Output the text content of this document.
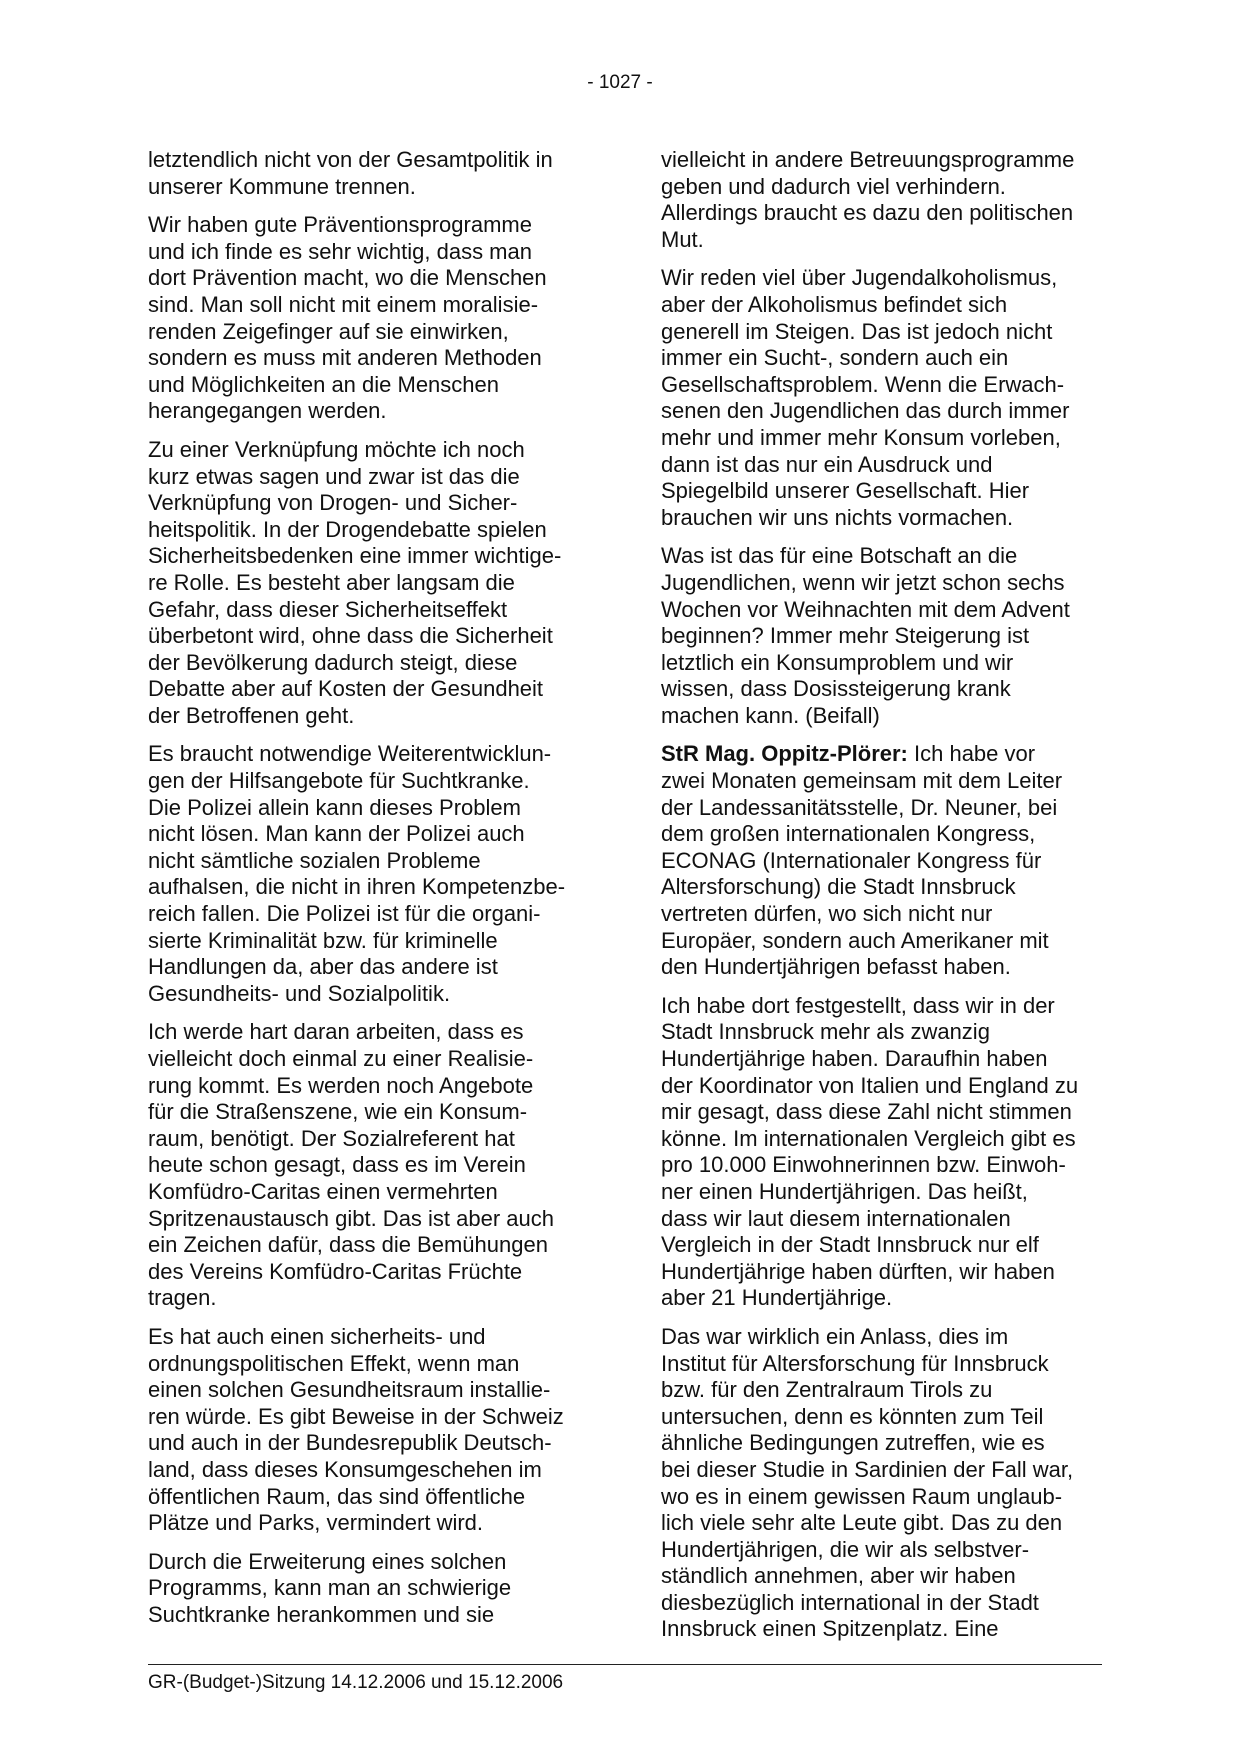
- 1027 -

letztendlich nicht von der Gesamtpolitik in
unserer Kommune trennen.

Wir haben gute Präventionsprogramme
und ich finde es sehr wichtig, dass man
dort Prävention macht, wo die Menschen
sind. Man soll nicht mit einem moralisie-
renden Zeigefinger auf sie einwirken,
sondern es muss mit anderen Methoden
und Möglichkeiten an die Menschen
herangegangen werden.

Zu einer Verknüpfung möchte ich noch
kurz etwas sagen und zwar ist das die
Verknüpfung von Drogen- und Sicher-
heitspolitik. In der Drogendebatte spielen
Sicherheitsbedenken eine immer wichtige-
re Rolle. Es besteht aber langsam die
Gefahr, dass dieser Sicherheitseffekt
überbetont wird, ohne dass die Sicherheit
der Bevölkerung dadurch steigt, diese
Debatte aber auf Kosten der Gesundheit
der Betroffenen geht.

Es braucht notwendige Weiterentwicklun-
gen der Hilfsangebote für Suchtkranke.
Die Polizei allein kann dieses Problem
nicht lösen. Man kann der Polizei auch
nicht sämtliche sozialen Probleme
aufhalsen, die nicht in ihren Kompetenzbe-
reich fallen. Die Polizei ist für die organi-
sierte Kriminalität bzw. für kriminelle
Handlungen da, aber das andere ist
Gesundheits- und Sozialpolitik.

Ich werde hart daran arbeiten, dass es
vielleicht doch einmal zu einer Realisie-
rung kommt. Es werden noch Angebote
für die Straßenszene, wie ein Konsum-
raum, benötigt. Der Sozialreferent hat
heute schon gesagt, dass es im Verein
Komfüdro-Caritas einen vermehrten
Spritzenaustausch gibt. Das ist aber auch
ein Zeichen dafür, dass die Bemühungen
des Vereins Komfüdro-Caritas Früchte
tragen.

Es hat auch einen sicherheits- und
ordnungspolitischen Effekt, wenn man
einen solchen Gesundheitsraum installie-
ren würde. Es gibt Beweise in der Schweiz
und auch in der Bundesrepublik Deutsch-
land, dass dieses Konsumgeschehen im
öffentlichen Raum, das sind öffentliche
Plätze und Parks, vermindert wird.

Durch die Erweiterung eines solchen
Programms, kann man an schwierige
Suchtkranke herankommen und sie

vielleicht in andere Betreuungsprogramme
geben und dadurch viel verhindern.
Allerdings braucht es dazu den politischen
Mut.

Wir reden viel über Jugendalkoholismus,
aber der Alkoholismus befindet sich
generell im Steigen. Das ist jedoch nicht
immer ein Sucht-, sondern auch ein
Gesellschaftsproblem. Wenn die Erwach-
senen den Jugendlichen das durch immer
mehr und immer mehr Konsum vorleben,
dann ist das nur ein Ausdruck und
Spiegelbild unserer Gesellschaft. Hier
brauchen wir uns nichts vormachen.

Was ist das für eine Botschaft an die
Jugendlichen, wenn wir jetzt schon sechs
Wochen vor Weihnachten mit dem Advent
beginnen? Immer mehr Steigerung ist
letztlich ein Konsumproblem und wir
wissen, dass Dosissteigerung krank
machen kann. (Beifall)

StR Mag. Oppitz-Plörer: Ich habe vor
zwei Monaten gemeinsam mit dem Leiter
der Landessanitätsstelle, Dr. Neuner, bei
dem großen internationalen Kongress,
ECONAG (Internationaler Kongress für
Altersforschung) die Stadt Innsbruck
vertreten dürfen, wo sich nicht nur
Europäer, sondern auch Amerikaner mit
den Hundertjährigen befasst haben.

Ich habe dort festgestellt, dass wir in der
Stadt Innsbruck mehr als zwanzig
Hundertjährige haben. Daraufhin haben
der Koordinator von Italien und England zu
mir gesagt, dass diese Zahl nicht stimmen
könne. Im internationalen Vergleich gibt es
pro 10.000 Einwohnerinnen bzw. Einwoh-
ner einen Hundertjährigen. Das heißt,
dass wir laut diesem internationalen
Vergleich in der Stadt Innsbruck nur elf
Hundertjährige haben dürften, wir haben
aber 21 Hundertjährige.

Das war wirklich ein Anlass, dies im
Institut für Altersforschung für Innsbruck
bzw. für den Zentralraum Tirols zu
untersuchen, denn es könnten zum Teil
ähnliche Bedingungen zutreffen, wie es
bei dieser Studie in Sardinien der Fall war,
wo es in einem gewissen Raum unglaub-
lich viele sehr alte Leute gibt. Das zu den
Hundertjährigen, die wir als selbstver-
ständlich annehmen, aber wir haben
diesbezüglich international in der Stadt
Innsbruck einen Spitzenplatz. Eine

GR-(Budget-)Sitzung 14.12.2006 und 15.12.2006
